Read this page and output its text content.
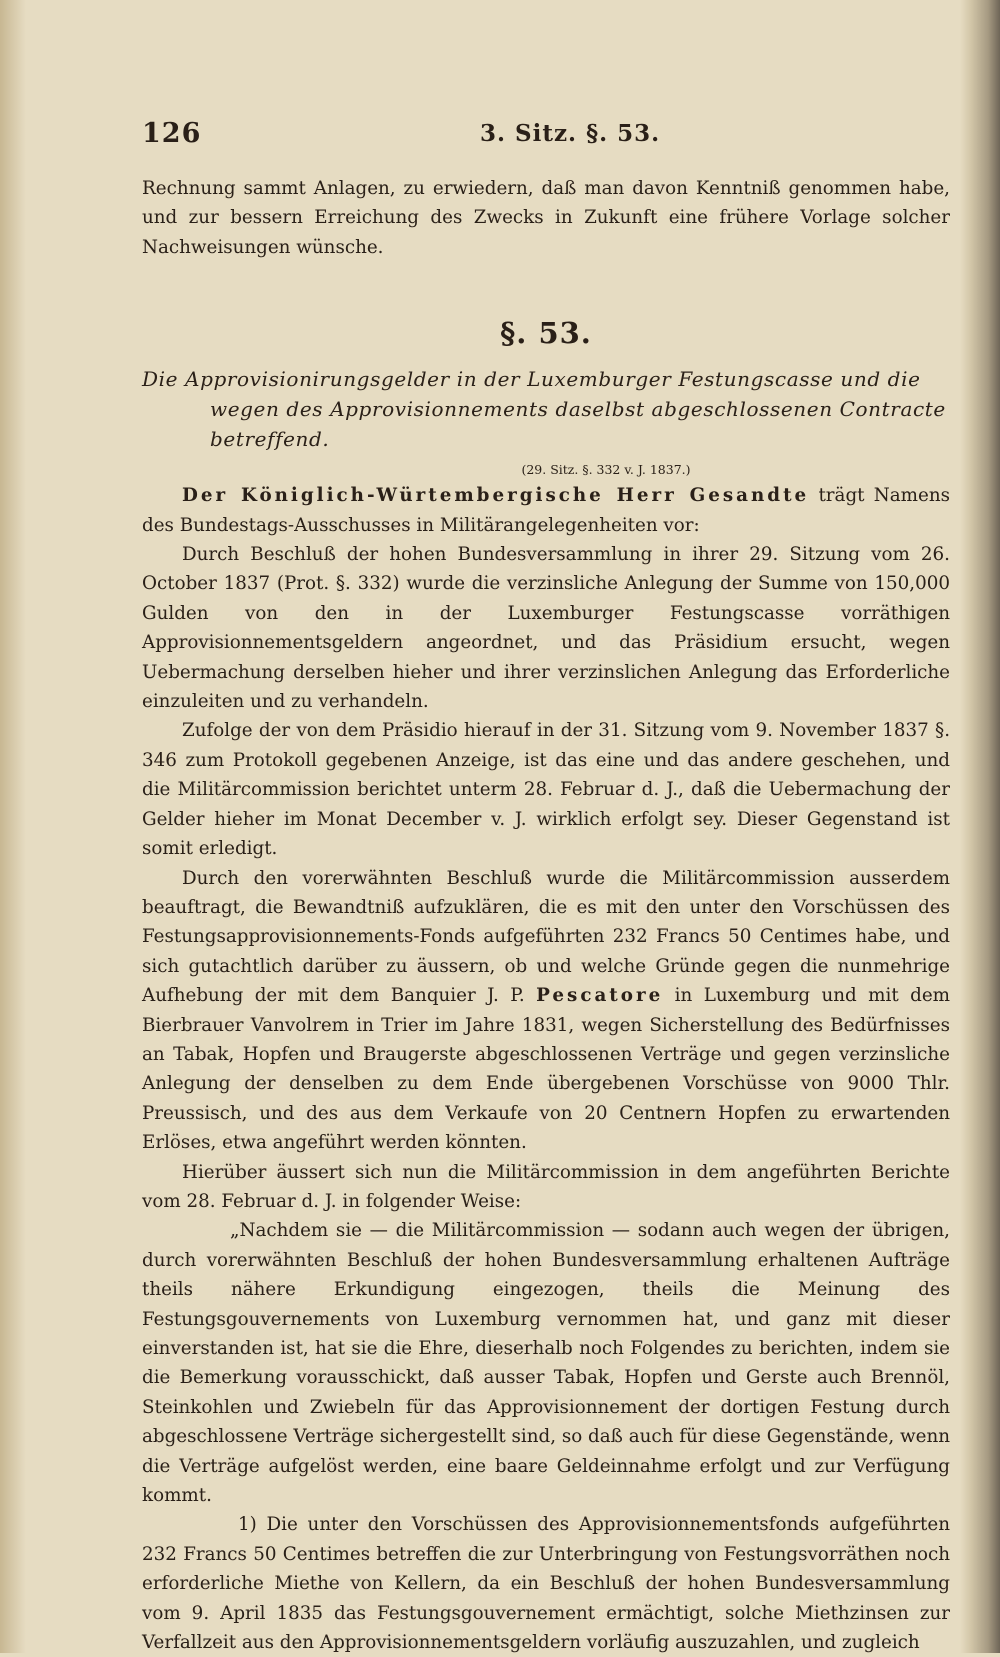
126	3. Sitz. §. 53.

Rechnung sammt Anlagen, zu erwiedern, daß man davon Kenntniß genommen habe, und zur bessern Erreichung des Zwecks in Zukunft eine frühere Vorlage solcher Nachweisungen wünsche.

§. 53.

Die Approvisionirungsgelder in der Luxemburger Festungscasse und die wegen des Approvisionnements daselbst abgeschlossenen Contracte betreffend.

(29. Sitz. §. 332 v. J. 1837.)

Der Königlich-Würtembergische Herr Gesandte trägt Namens des Bundestags-Ausschusses in Militärangelegenheiten vor:

Durch Beschluß der hohen Bundesversammlung in ihrer 29. Sitzung vom 26. October 1837 (Prot. §. 332) wurde die verzinsliche Anlegung der Summe von 150,000 Gulden von den in der Luxemburger Festungscasse vorräthigen Approvisionnementsgeldern angeordnet, und das Präsidium ersucht, wegen Uebermachung derselben hieher und ihrer verzinslichen Anlegung das Erforderliche einzuleiten und zu verhandeln.

Zufolge der von dem Präsidio hierauf in der 31. Sitzung vom 9. November 1837 §. 346 zum Protokoll gegebenen Anzeige, ist das eine und das andere geschehen, und die Militärcommission berichtet unterm 28. Februar d. J., daß die Uebermachung der Gelder hieher im Monat December v. J. wirklich erfolgt sey. Dieser Gegenstand ist somit erledigt.

Durch den vorerwähnten Beschluß wurde die Militärcommission ausserdem beauftragt, die Bewandtniß aufzuklären, die es mit den unter den Vorschüssen des Festungsapprovisionnements-Fonds aufgeführten 232 Francs 50 Centimes habe, und sich gutachtlich darüber zu äussern, ob und welche Gründe gegen die nunmehrige Aufhebung der mit dem Banquier J. P. Pescatore in Luxemburg und mit dem Bierbrauer Vanvolrem in Trier im Jahre 1831, wegen Sicherstellung des Bedürfnisses an Tabak, Hopfen und Braugerste abgeschlossenen Verträge und gegen verzinsliche Anlegung der denselben zu dem Ende übergebenen Vorschüsse von 9000 Thlr. Preussisch, und des aus dem Verkaufe von 20 Centnern Hopfen zu erwartenden Erlöses, etwa angeführt werden könnten.

Hierüber äussert sich nun die Militärcommission in dem angeführten Berichte vom 28. Februar d. J. in folgender Weise:

„Nachdem sie — die Militärcommission — sodann auch wegen der übrigen, durch vorerwähnten Beschluß der hohen Bundesversammlung erhaltenen Aufträge theils nähere Erkundigung eingezogen, theils die Meinung des Festungsgouvernements von Luxemburg vernommen hat, und ganz mit dieser einverstanden ist, hat sie die Ehre, dieserhalb noch Folgendes zu berichten, indem sie die Bemerkung vorausschickt, daß ausser Tabak, Hopfen und Gerste auch Brennöl, Steinkohlen und Zwiebeln für das Approvisionnement der dortigen Festung durch abgeschlossene Verträge sichergestellt sind, so daß auch für diese Gegenstände, wenn die Verträge aufgelöst werden, eine baare Geldeinnahme erfolgt und zur Verfügung kommt.

1) Die unter den Vorschüssen des Approvisionnementsfonds aufgeführten 232 Francs 50 Centimes betreffen die zur Unterbringung von Festungsvorräthen noch erforderliche Miethe von Kellern, da ein Beschluß der hohen Bundesversammlung vom 9. April 1835 das Festungsgouvernement ermächtigt, solche Miethzinsen zur Verfallzeit aus den Approvisionnementsgeldern vorläufig auszuzahlen, und zugleich
